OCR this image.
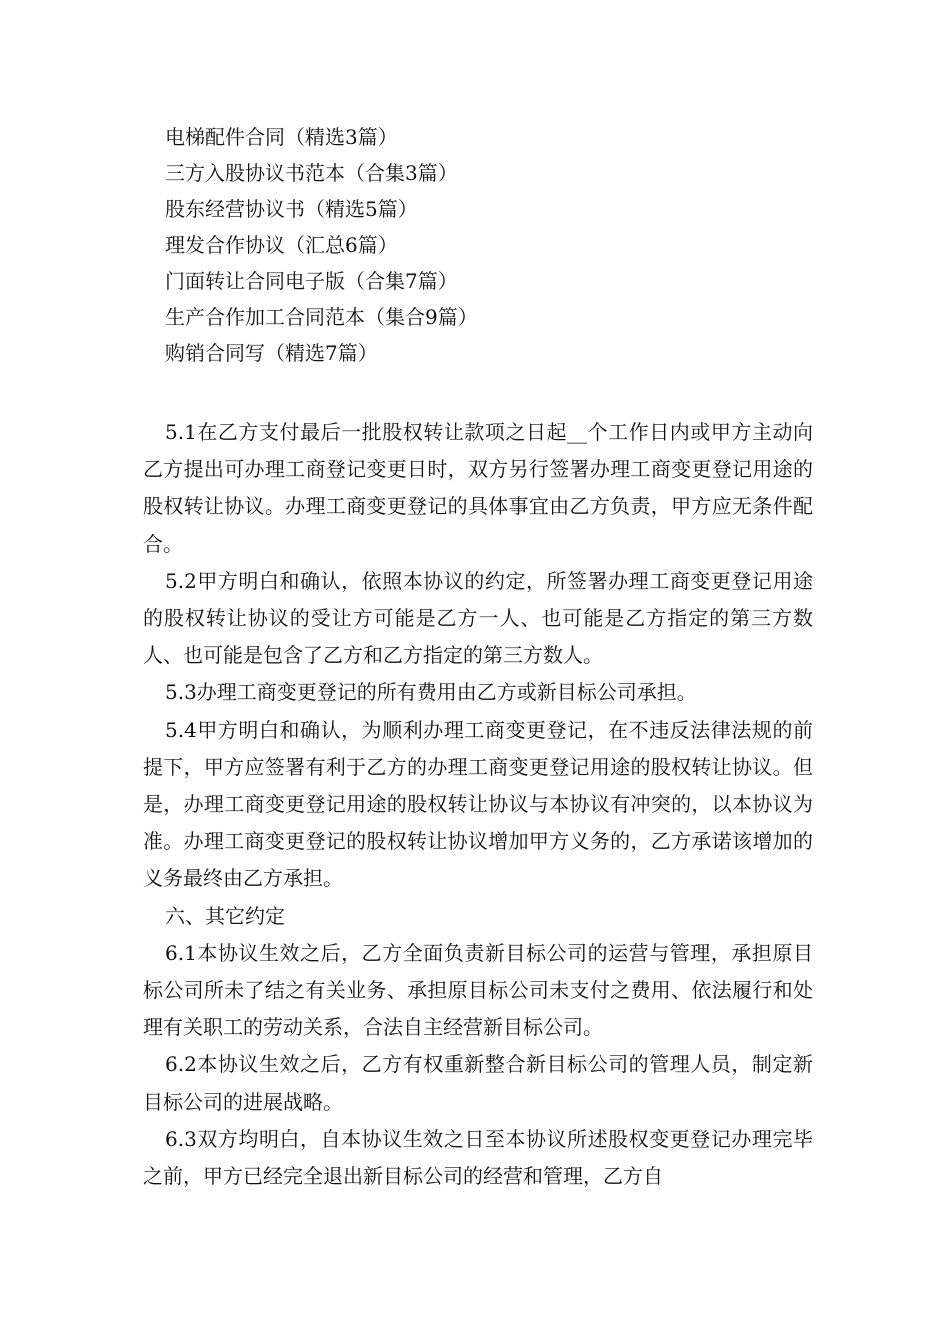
电梯配件合同（精选3篇）
三方入股协议书范本（合集3篇）
股东经营协议书（精选5篇）
理发合作协议（汇总6篇）
门面转让合同电子版（合集7篇）
生产合作加工合同范本（集合9篇）
购销合同写（精选7篇）

5.1在乙方支付最后一批股权转让款项之日起__个工作日内或甲方主动向乙方提出可办理工商登记变更日时，双方另行签署办理工商变更登记用途的股权转让协议。办理工商变更登记的具体事宜由乙方负责，甲方应无条件配合。

5.2甲方明白和确认，依照本协议的约定，所签署办理工商变更登记用途的股权转让协议的受让方可能是乙方一人、也可能是乙方指定的第三方数人、也可能是包含了乙方和乙方指定的第三方数人。

5.3办理工商变更登记的所有费用由乙方或新目标公司承担。

5.4甲方明白和确认，为顺利办理工商变更登记，在不违反法律法规的前提下，甲方应签署有利于乙方的办理工商变更登记用途的股权转让协议。但是，办理工商变更登记用途的股权转让协议与本协议有冲突的，以本协议为准。办理工商变更登记的股权转让协议增加甲方义务的，乙方承诺该增加的义务最终由乙方承担。

六、其它约定

6.1本协议生效之后，乙方全面负责新目标公司的运营与管理，承担原目标公司所未了结之有关业务、承担原目标公司未支付之费用、依法履行和处理有关职工的劳动关系，合法自主经营新目标公司。

6.2本协议生效之后，乙方有权重新整合新目标公司的管理人员，制定新目标公司的进展战略。

6.3双方均明白，自本协议生效之日至本协议所述股权变更登记办理完毕之前，甲方已经完全退出新目标公司的经营和管理，乙方自
